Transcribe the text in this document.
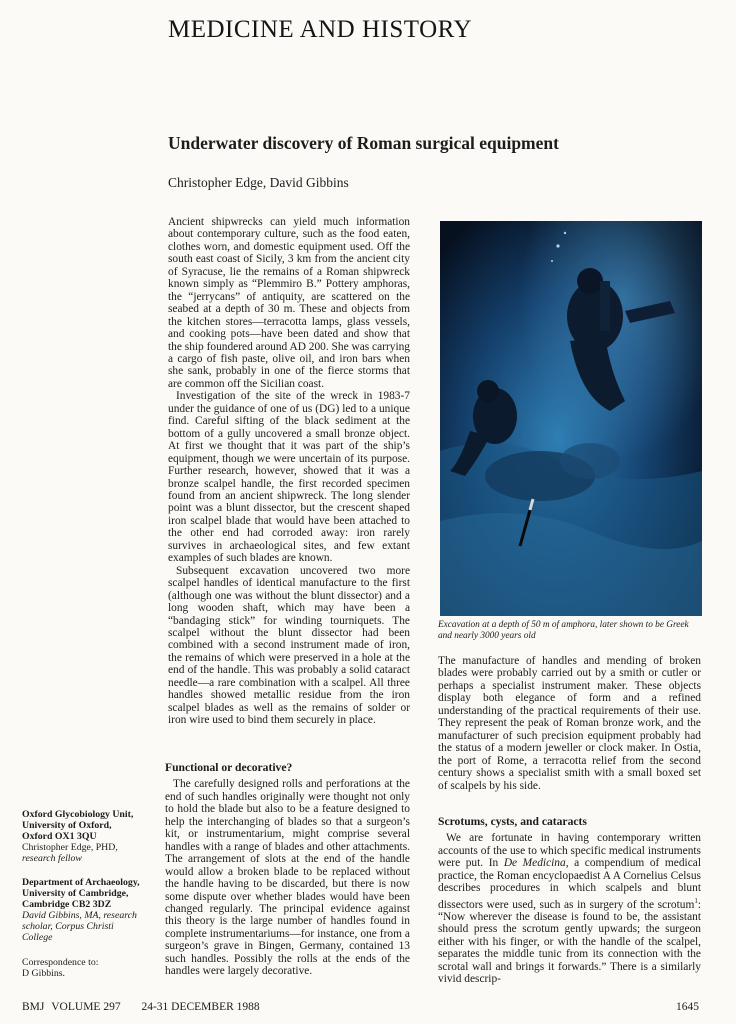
MEDICINE AND HISTORY
Underwater discovery of Roman surgical equipment
Christopher Edge, David Gibbins

Ancient shipwrecks can yield much information about contemporary culture, such as the food eaten, clothes worn, and domestic equipment used. Off the south east coast of Sicily, 3 km from the ancient city of Syracuse, lie the remains of a Roman shipwreck known simply as “Plemmiro B.” Pottery amphoras, the “jerrycans” of antiquity, are scattered on the seabed at a depth of 30 m. These and objects from the kitchen stores—terracotta lamps, glass vessels, and cooking pots—have been dated and show that the ship foundered around AD 200. She was carrying a cargo of fish paste, olive oil, and iron bars when she sank, probably in one of the fierce storms that are common off the Sicilian coast.

Investigation of the site of the wreck in 1983-7 under the guidance of one of us (DG) led to a unique find. Careful sifting of the black sediment at the bottom of a gully uncovered a small bronze object. At first we thought that it was part of the ship’s equipment, though we were uncertain of its purpose. Further research, however, showed that it was a bronze scalpel handle, the first recorded specimen found from an ancient shipwreck. The long slender point was a blunt dissector, but the crescent shaped iron scalpel blade that would have been attached to the other end had corroded away: iron rarely survives in archaeological sites, and few extant examples of such blades are known.

Subsequent excavation uncovered two more scalpel handles of identical manufacture to the first (although one was without the blunt dissector) and a long wooden shaft, which may have been a “bandaging stick” for winding tourniquets. The scalpel without the blunt dissector had been combined with a second instrument made of iron, the remains of which were preserved in a hole at the end of the handle. This was probably a solid cataract needle—a rare combination with a scalpel. All three handles showed metallic residue from the iron scalpel blades as well as the remains of solder or iron wire used to bind them securely in place.

Functional or decorative?

The carefully designed rolls and perforations at the end of such handles originally were thought not only to hold the blade but also to be a feature designed to help the interchanging of blades so that a surgeon’s kit, or instrumentarium, might comprise several handles with a range of blades and other attachments. The arrangement of slots at the end of the handle would allow a broken blade to be replaced without the handle having to be discarded, but there is now some dispute over whether blades would have been changed regularly. The principal evidence against this theory is the large number of handles found in complete instrumentariums—for instance, one from a surgeon’s grave in Bingen, Germany, contained 13 such handles. Possibly the rolls at the ends of the handles were largely decorative.

Excavation at a depth of 50 m of amphora, later shown to be Greek and nearly 3000 years old

The manufacture of handles and mending of broken blades were probably carried out by a smith or cutler or perhaps a specialist instrument maker. These objects display both elegance of form and a refined understanding of the practical requirements of their use. They represent the peak of Roman bronze work, and the manufacturer of such precision equipment probably had the status of a modern jeweller or clock maker. In Ostia, the port of Rome, a terracotta relief from the second century shows a specialist smith with a small boxed set of scalpels by his side.

Scrotums, cysts, and cataracts

We are fortunate in having contemporary written accounts of the use to which specific medical instruments were put. In De Medicina, a compendium of medical practice, the Roman encyclopaedist A A Cornelius Celsus describes procedures in which scalpels and blunt dissectors were used, such as in surgery of the scrotum$^1$: “Now wherever the disease is found to be, the assistant should press the scrotum gently upwards; the surgeon either with his finger, or with the handle of the scalpel, separates the middle tunic from its connection with the scrotal wall and brings it forwards.” There is a similarly vivid descrip-

Oxford Glycobiology Unit, University of Oxford, Oxford OX1 3QU
Christopher Edge, PHD,
research fellow
Department of Archaeology, University of Cambridge, Cambridge CB2 3DZ
David Gibbins, MA, research scholar, Corpus Christi College
Correspondence to:
D Gibbins.
BMJ VOLUME 297 24-31 DECEMBER 1988	1645
